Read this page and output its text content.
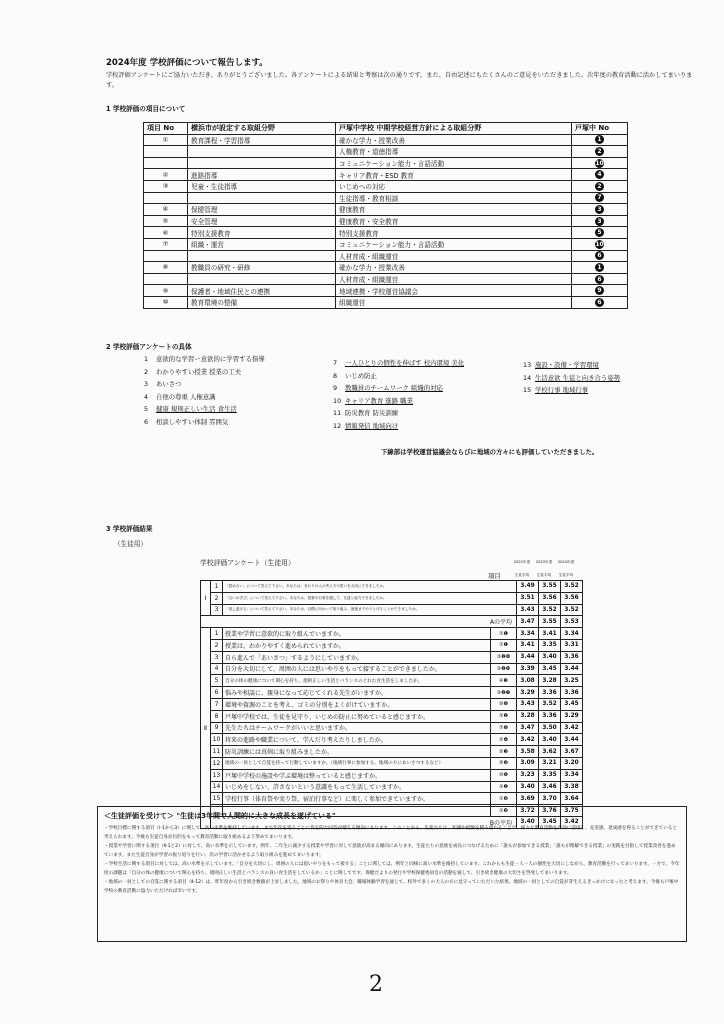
2024年度 学校評価について報告します。
学校評価アンケートにご協力いただき、ありがとうございました。各アンケートによる結果と考察は次の通りです。また、自由記述にもたくさんのご意見をいただきました。次年度の教育活動に活かしてまいります。
1 学校評価の項目について
項目 No	横浜市が設定する取組分野	戸塚中学校 中期学校経営方針による取組分野	戸塚中 No
①	教育課程・学習指導	確かな学力・授業改善	1
		人権教育・道徳指導	2
		コミュニケーション能力・言語活動	10
②	進路指導	キャリア教育・ESD 教育	4
③	児童・生徒指導	いじめへの対応	2
		生徒指導・教育相談	7
④	保健管理	健康教育	3
⑤	安全管理	健康教育・安全教育	3
⑥	特別支援教育	特別支援教育	5
⑦	組織・運営	コミュニケーション能力・言語活動	10
		人材育成・組織運営	6
⑧	教職員の研究・研修	確かな学力・授業改善	1
		人材育成・組織運営	6
⑨	保護者・地域住民との連携	地域連携・学校運営協議会	9
⑩	教育環境の整備	組織運営	6
2 学校評価アンケートの具体
1 意欲的な学習ー意欲的に学習する指導
2 わかりやすい授業 授業の工夫
3 あいさつ
4 自他の尊重 人権意識
5 健康 規則正しい生活 食生活
6 相談しやすい体制 雰囲気
7 一人ひとりの個性を伸ばす 校内環境 美化
8 いじめ防止
9 教職員のチームワーク 組織的対応
10 キャリア教育 進路 職業
11 防災教育 防災訓練
12 情報発信 地域向け
13 施設・設備・学習環境
14 生活意欲 生徒と向き合う姿勢
15 学校行事 地域行事
下線部は学校運営協議会ならびに地域の方々にも評価していただきました。
3 学校評価結果
（生徒用）
学校評価アンケート（生徒用）	2022年度	2023年度	2024年度
生徒平均	生徒平均	生徒平均
項目
Ⅰ	1	「認め合い」について答えて下さい。あなたは、まわりの人の考え方や思いを大切にできましたか。		3.49	3.55	3.52
	2	「互いの学び」について答えて下さい。あなたは、授業や行事を通して、友達と協力できましたか。		3.51	3.56	3.56
	3	「成し遂げる」について答えて下さい。あなたは、目標に向かって取り組み、最後までやりとげることができましたか。		3.43	3.52	3.52
Aの平均				3.47	3.55	3.53
Ⅱ	1	授業や学習に意欲的に取り組んでいますか。	①❶	3.34	3.41	3.34
	2	授業は、わかりやすく進められていますか。	①❶	3.41	3.35	3.31
	3	自ら進んで「あいさつ」するようにしていますか。	③❷❿	3.44	3.40	3.36
	4	自分を大切にして、周囲の人には思いやりをもって接することができましたか。	③❷❿	3.39	3.45	3.44
	5	自分の体の健康について関心を持ち、規則正しい生活とバランスのとれた食生活をしましたか。	④❸	3.08	3.28	3.25
	6	悩みや相談に、親身になって応じてくれる先生がいますか。	③❷❼	3.29	3.36	3.36
	7	環境や資源のことを考え、ゴミの分別をよくがけていますか。	⑩❻	3.43	3.52	3.45
	8	戸塚中学校では、生徒を見守り、いじめの防止に努めていると感じますか。	③❷	3.28	3.36	3.29
	9	先生たちはチームワークがいいと思いますか。	⑦❻	3.47	3.50	3.42
	10	将来の進路や職業について、学んだり考えたりしましたか。	②❹	3.42	3.40	3.44
	11	防災訓練には真剣に取り組みましたか。	⑤❸	3.58	3.62	3.67
	12	地域の一員として自覚を持って行動していますか。（地域行事に参加する、地域の方にあいさつするなど）	⑨❾	3.09	3.21	3.20
	13	戸塚中学校の施設や学ぶ環境は整っていると感じますか。	⑩❻	3.23	3.35	3.34
	14	いじめをしない、許さないという意識をもって生活していますか。	③❷	3.40	3.46	3.38
	15	学校行事（体育祭や実り祭、宿泊行事など）に楽しく参加できていますか。	①❽	3.69	3.70	3.64
			①❽	3.72	3.76	3.75
	Bの平均			3.40	3.45	3.42
＜生徒評価を受けて＞ "生徒は3年間で人間的に大きな成長を遂げている"
・学校目標に関する項目（Ⅰ-1から3）に関して、高い水準を維持しています。また年次を追うごとに肯定的な回答が増える傾向にあります。このことから、生徒たちは、知識や経験を積み重ねることで、様々な教育活動を有効に活用し、充実感、達成感を得ることができていると考えられます。今後も生徒自身が目的をもって教育活動に取り組めるよう努めてまいります。
・授業や学習に関する項目（Ⅱ-1と2）に対して、高い水準を示しています。例年、二年生に減少する授業や学習に対して意欲が高まる傾向にあります。生徒たちの意欲を成長につなげるために「誰もが参加できる授業」「誰もが理解できる授業」の実践を目指して授業改善を進めています。また生徒自身が学習の振り返りを行い、次の学習に活かせるよう取り組みを進めてまいります。
・学校生活に関する項目に対しては、高い水準を示しています。「自分を大切にし、周囲の人には思いやりをもって接する」ことに関しては、例年と同様に高い水準を維持しています。これからも生徒一人一人の個性を大切にしながら、教育活動を行ってまいります。一方で、今年度の課題は「自分の体の健康について関心を持ち、規則正しい生活とバランスの良い食生活をしているか」ことに関してです。保健だよりの発行や学校保健委員会の活動を通して、引き続き健康の大切さを啓発してまいります。
・地域の一員としての自覚に関する項目（Ⅱ-12）は、昨年度から引き続き数値が上昇しました。地域のお祭りや体育大会、職場体験学習を通じて、校外で多くの大人の方に見守っていただいた結果、地域の一員としての自覚が芽生えるきっかけになったと考えます。今後も戸塚中学校の教育活動に協力いただければ幸いです。
2
